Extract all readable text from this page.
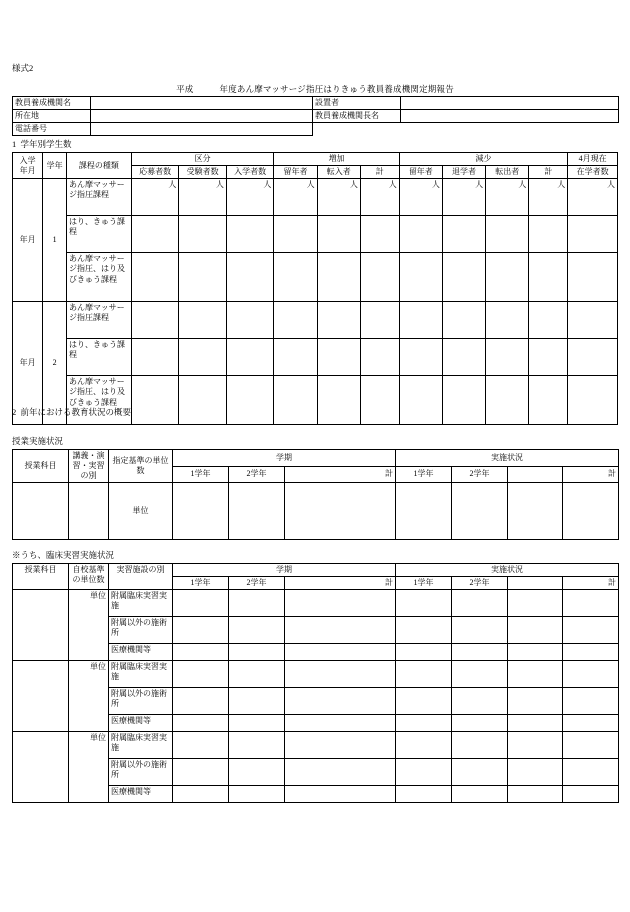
様式2
平成	年度あん摩マッサージ指圧はりきゅう教員養成機関定期報告
教員養成機関名		設置者	
所在地		教員養成機関長名	
電話番号			
1 学年別学生数
入学
年月	学年	課程の種類	区分			増加			減少				4月現在
			応募者数	受験者数	入学者数	留年者	転入者	計	留年者	退学者	転出者	計	在学者数
年月	1	あん摩マッサージ指圧課程	人	人	人	人	人	人	人	人	人	人	人
		はり、きゅう課程											
		あん摩マッサージ指圧、はり及びきゅう課程											
年月	2	あん摩マッサージ指圧課程											
		はり、きゅう課程											
		あん摩マッサージ指圧、はり及びきゅう課程											
2 前年における教育状況の概要
授業実施状況
授業科目	講義・演習・実習の別	指定基準の単位数	学期			実施状況			
			1学年	2学年	計	1学年	2学年		計
		単位							
※うち、臨床実習実施状況
授業科目	自校基準の単位数	実習施設の別	学期			実施状況			
			1学年	2学年	計	1学年	2学年		計
	単位	附属臨床実習実施							
		附属以外の施術所							
		医療機関等							
	単位	附属臨床実習実施							
		附属以外の施術所							
		医療機関等							
	単位	附属臨床実習実施							
		附属以外の施術所							
		医療機関等							
